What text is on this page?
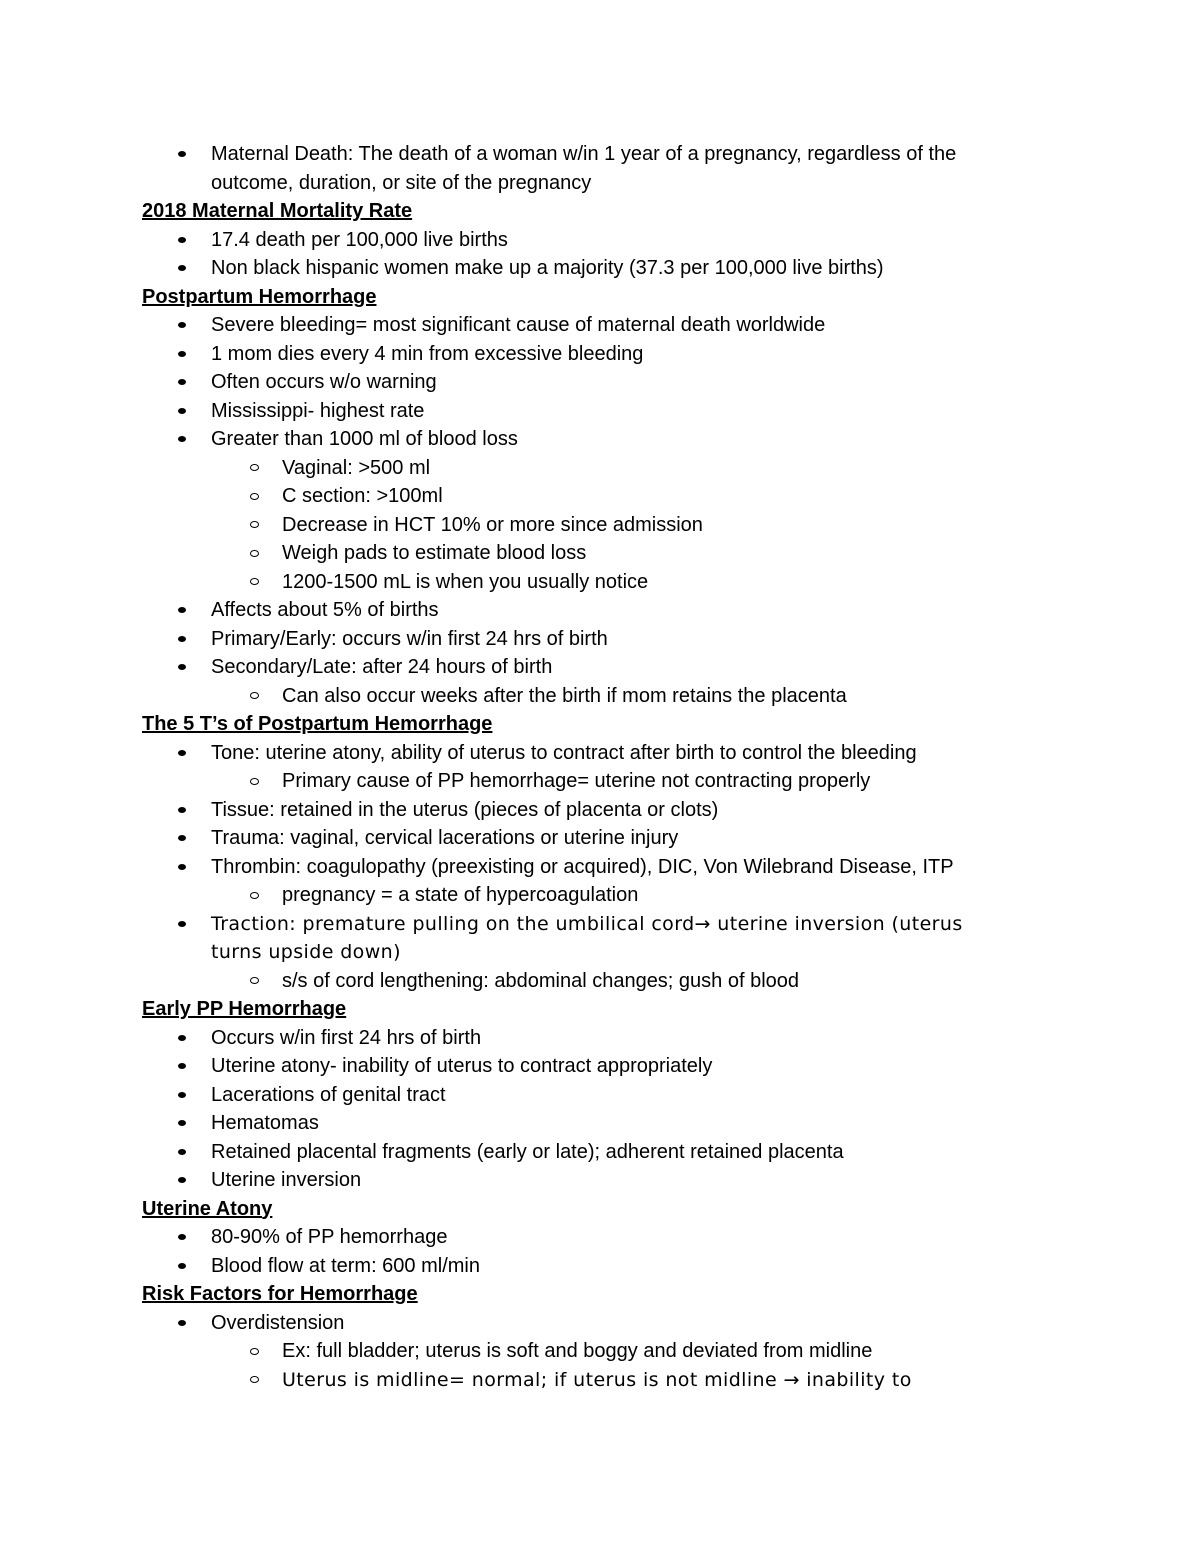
Maternal Death: The death of a woman w/in 1 year of a pregnancy, regardless of the
outcome, duration, or site of the pregnancy
2018 Maternal Mortality Rate
17.4 death per 100,000 live births
Non black hispanic women make up a majority (37.3 per 100,000 live births)
Postpartum Hemorrhage
Severe bleeding= most significant cause of maternal death worldwide
1 mom dies every 4 min from excessive bleeding
Often occurs w/o warning
Mississippi- highest rate
Greater than 1000 ml of blood loss
Vaginal: >500 ml
C section: >100ml
Decrease in HCT 10% or more since admission
Weigh pads to estimate blood loss
1200-1500 mL is when you usually notice
Affects about 5% of births
Primary/Early: occurs w/in first 24 hrs of birth
Secondary/Late: after 24 hours of birth
Can also occur weeks after the birth if mom retains the placenta
The 5 T’s of Postpartum Hemorrhage
Tone: uterine atony, ability of uterus to contract after birth to control the bleeding
Primary cause of PP hemorrhage= uterine not contracting properly
Tissue: retained in the uterus (pieces of placenta or clots)
Trauma: vaginal, cervical lacerations or uterine injury
Thrombin: coagulopathy (preexisting or acquired), DIC, Von Wilebrand Disease, ITP
pregnancy = a state of hypercoagulation
Traction: premature pulling on the umbilical cord→ uterine inversion (uterus
turns upside down)
s/s of cord lengthening: abdominal changes; gush of blood
Early PP Hemorrhage
Occurs w/in first 24 hrs of birth
Uterine atony- inability of uterus to contract appropriately
Lacerations of genital tract
Hematomas
Retained placental fragments (early or late); adherent retained placenta
Uterine inversion
Uterine Atony
80-90% of PP hemorrhage
Blood flow at term: 600 ml/min
Risk Factors for Hemorrhage
Overdistension
Ex: full bladder; uterus is soft and boggy and deviated from midline
Uterus is midline= normal; if uterus is not midline → inability to
